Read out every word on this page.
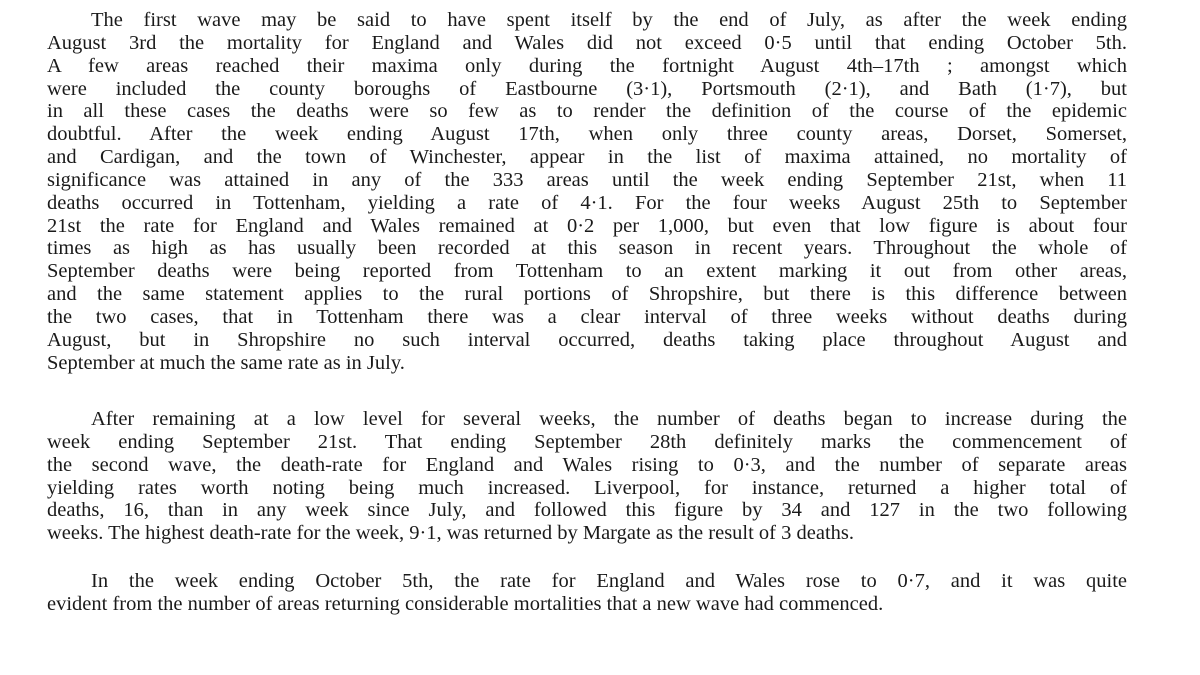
The first wave may be said to have spent itself by the end of July, as after the week ending
August 3rd the mortality for England and Wales did not exceed 0·5 until that ending October 5th.
A few areas reached their maxima only during the fortnight August 4th–17th ; amongst which
were included the county boroughs of Eastbourne (3·1), Portsmouth (2·1), and Bath (1·7), but
in all these cases the deaths were so few as to render the definition of the course of the epidemic
doubtful. After the week ending August 17th, when only three county areas, Dorset, Somerset,
and Cardigan, and the town of Winchester, appear in the list of maxima attained, no mortality of
significance was attained in any of the 333 areas until the week ending September 21st, when 11
deaths occurred in Tottenham, yielding a rate of 4·1. For the four weeks August 25th to September
21st the rate for England and Wales remained at 0·2 per 1,000, but even that low figure is about four
times as high as has usually been recorded at this season in recent years. Throughout the whole of
September deaths were being reported from Tottenham to an extent marking it out from other areas,
and the same statement applies to the rural portions of Shropshire, but there is this difference between
the two cases, that in Tottenham there was a clear interval of three weeks without deaths during
August, but in Shropshire no such interval occurred, deaths taking place throughout August and
September at much the same rate as in July.
After remaining at a low level for several weeks, the number of deaths began to increase during the
week ending September 21st. That ending September 28th definitely marks the commencement of
the second wave, the death-rate for England and Wales rising to 0·3, and the number of separate areas
yielding rates worth noting being much increased. Liverpool, for instance, returned a higher total of
deaths, 16, than in any week since July, and followed this figure by 34 and 127 in the two following
weeks. The highest death-rate for the week, 9·1, was returned by Margate as the result of 3 deaths.
In the week ending October 5th, the rate for England and Wales rose to 0·7, and it was quite
evident from the number of areas returning considerable mortalities that a new wave had commenced.
